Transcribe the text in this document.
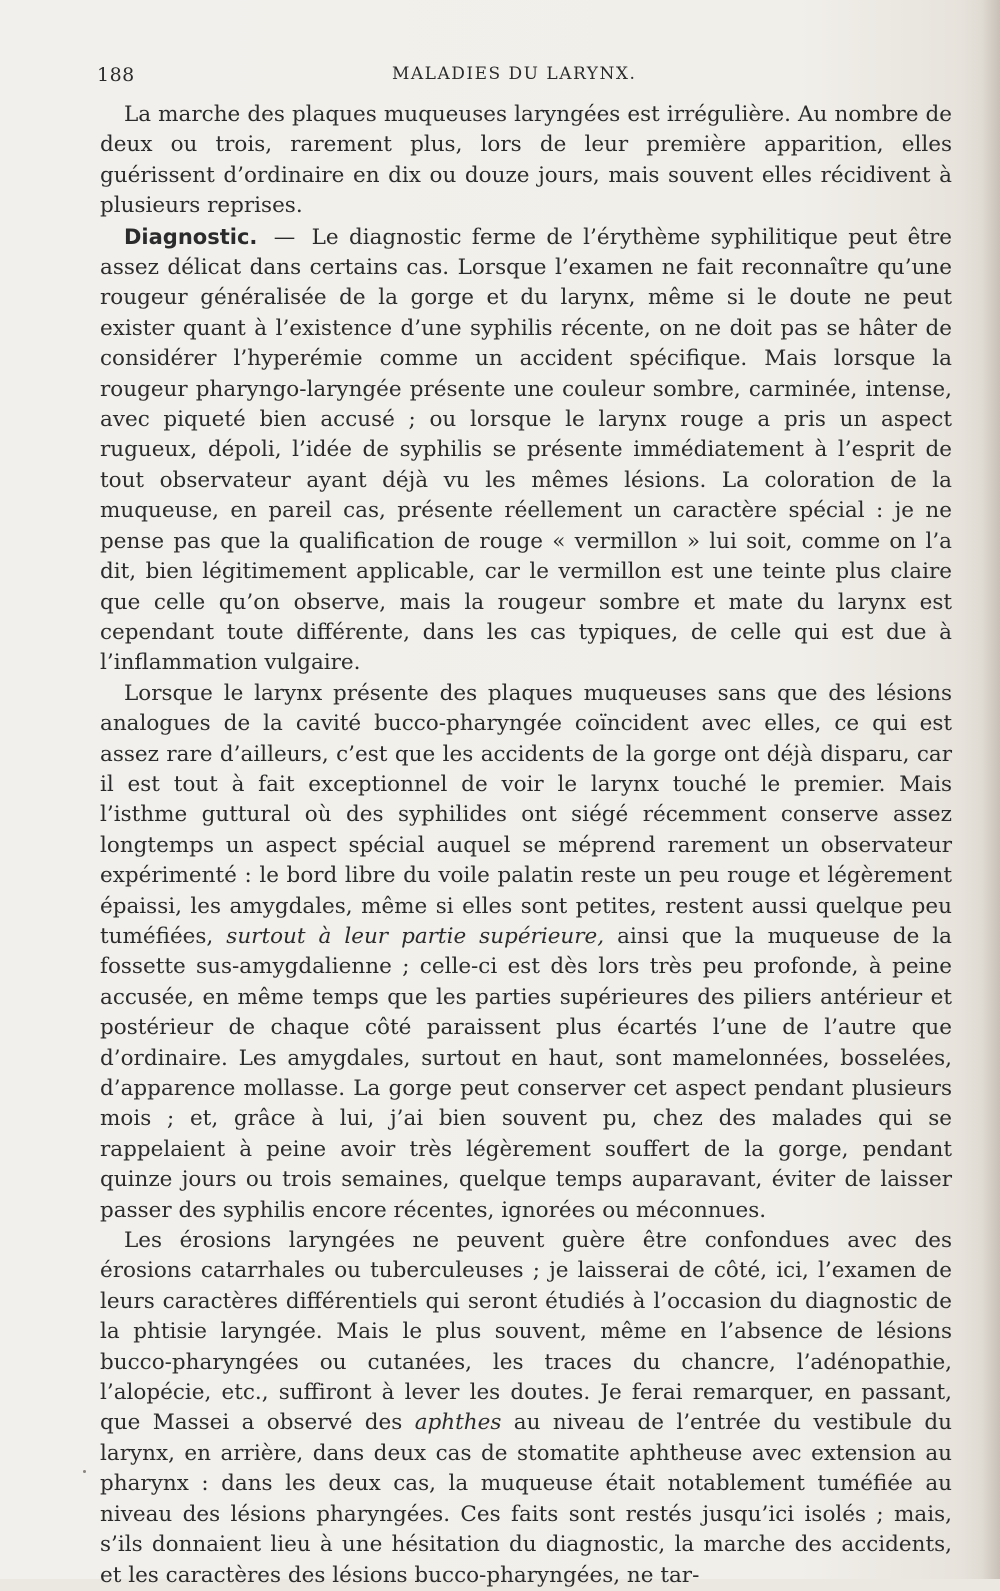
188	MALADIES DU LARYNX.

La marche des plaques muqueuses laryngées est irrégulière. Au nombre de deux ou trois, rarement plus, lors de leur première apparition, elles guérissent d’ordinaire en dix ou douze jours, mais souvent elles récidivent à plusieurs reprises.

Diagnostic. — Le diagnostic ferme de l’érythème syphilitique peut être assez délicat dans certains cas. Lorsque l’examen ne fait reconnaître qu’une rougeur généralisée de la gorge et du larynx, même si le doute ne peut exister quant à l’existence d’une syphilis récente, on ne doit pas se hâter de considérer l’hyperémie comme un accident spécifique. Mais lorsque la rougeur pharyngo-laryngée présente une couleur sombre, carminée, intense, avec piqueté bien accusé ; ou lorsque le larynx rouge a pris un aspect rugueux, dépoli, l’idée de syphilis se présente immédiatement à l’esprit de tout observateur ayant déjà vu les mêmes lésions. La coloration de la muqueuse, en pareil cas, présente réellement un caractère spécial : je ne pense pas que la qualification de rouge « vermillon » lui soit, comme on l’a dit, bien légitimement applicable, car le vermillon est une teinte plus claire que celle qu’on observe, mais la rougeur sombre et mate du larynx est cependant toute différente, dans les cas typiques, de celle qui est due à l’inflammation vulgaire.

Lorsque le larynx présente des plaques muqueuses sans que des lésions analogues de la cavité bucco-pharyngée coïncident avec elles, ce qui est assez rare d’ailleurs, c’est que les accidents de la gorge ont déjà disparu, car il est tout à fait exceptionnel de voir le larynx touché le premier. Mais l’isthme guttural où des syphilides ont siégé récemment conserve assez longtemps un aspect spécial auquel se méprend rarement un observateur expérimenté : le bord libre du voile palatin reste un peu rouge et légèrement épaissi, les amygdales, même si elles sont petites, restent aussi quelque peu tuméfiées, surtout à leur partie supérieure, ainsi que la muqueuse de la fossette sus-amygdalienne ; celle-ci est dès lors très peu profonde, à peine accusée, en même temps que les parties supérieures des piliers antérieur et postérieur de chaque côté paraissent plus écartés l’une de l’autre que d’ordinaire. Les amygdales, surtout en haut, sont mamelonnées, bosselées, d’apparence mollasse. La gorge peut conserver cet aspect pendant plusieurs mois ; et, grâce à lui, j’ai bien souvent pu, chez des malades qui se rappelaient à peine avoir très légèrement souffert de la gorge, pendant quinze jours ou trois semaines, quelque temps auparavant, éviter de laisser passer des syphilis encore récentes, ignorées ou méconnues.

Les érosions laryngées ne peuvent guère être confondues avec des érosions catarrhales ou tuberculeuses ; je laisserai de côté, ici, l’examen de leurs caractères différentiels qui seront étudiés à l’occasion du diagnostic de la phtisie laryngée. Mais le plus souvent, même en l’absence de lésions bucco-pharyngées ou cutanées, les traces du chancre, l’adénopathie, l’alopécie, etc., suffiront à lever les doutes. Je ferai remarquer, en passant, que Massei a observé des aphthes au niveau de l’entrée du vestibule du larynx, en arrière, dans deux cas de stomatite aphtheuse avec extension au pharynx : dans les deux cas, la muqueuse était notablement tuméfiée au niveau des lésions pharyngées. Ces faits sont restés jusqu’ici isolés ; mais, s’ils donnaient lieu à une hésitation du diagnostic, la marche des accidents, et les caractères des lésions bucco-pharyngées, ne tar-
